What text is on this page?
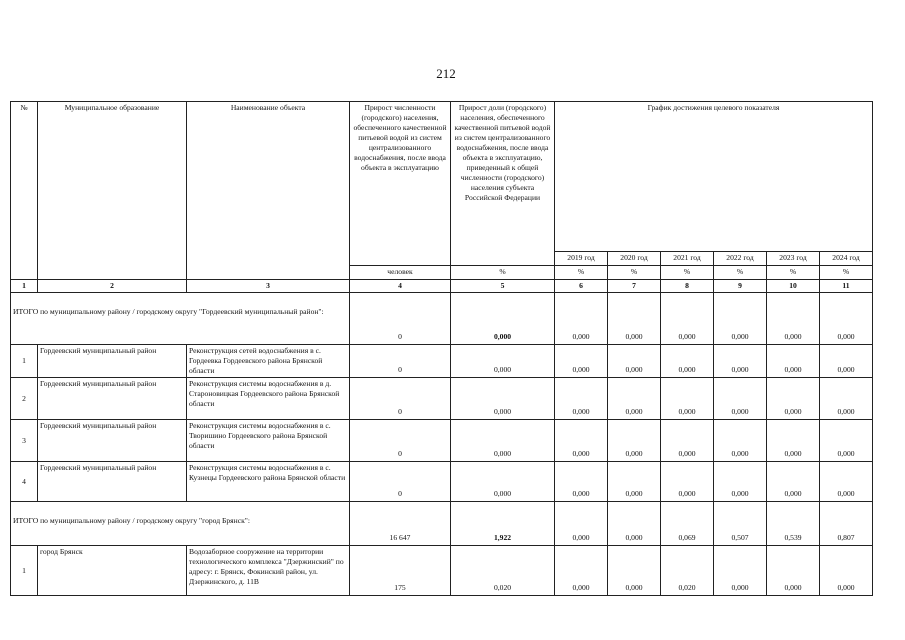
212
№	Муниципальное образование	Наименование объекта	Прирост численности (городского) населения, обеспеченного качественной питьевой водой из систем централизованного водоснабжения, после ввода объекта в эксплуатацию	Прирост доли (городского) населения, обеспеченного качественной питьевой водой из систем централизованного водоснабжения, после ввода объекта в эксплуатацию, приведенный к общей численности (городского) населения субъекта Российской Федерации	График достижения целевого показателя					
					2019 год	2020 год	2021 год	2022 год	2023 год	2024 год
			человек	%	%	%	%	%	%	%
1	2	3	4	5	6	7	8	9	10	11
ИТОГО по муниципальному району / городскому округу "Гордеевский муниципальный район":			0	0,000	0,000	0,000	0,000	0,000	0,000	0,000
1	Гордеевский муниципальный район	Реконструкция сетей водоснабжения в с. Гордеевка Гордеевского района Брянской области	0	0,000	0,000	0,000	0,000	0,000	0,000	0,000
2	Гордеевский муниципальный район	Реконструкция системы водоснабжения в д. Староновицкая Гордеевского района Брянской области	0	0,000	0,000	0,000	0,000	0,000	0,000	0,000
3	Гордеевский муниципальный район	Реконструкция системы водоснабжения в с. Творишино Гордеевского района Брянской области	0	0,000	0,000	0,000	0,000	0,000	0,000	0,000
4	Гордеевский муниципальный район	Реконструкция системы водоснабжения в с. Кузнецы Гордеевского района Брянской области	0	0,000	0,000	0,000	0,000	0,000	0,000	0,000
ИТОГО по муниципальному району / городскому округу "город Брянск":			16 647	1,922	0,000	0,000	0,069	0,507	0,539	0,807
1	город Брянск	Водозаборное сооружение на территории технологического комплекса "Дзержинский" по адресу: г. Брянск, Фокинский район, ул. Дзержинского, д. 11В	175	0,020	0,000	0,000	0,020	0,000	0,000	0,000
